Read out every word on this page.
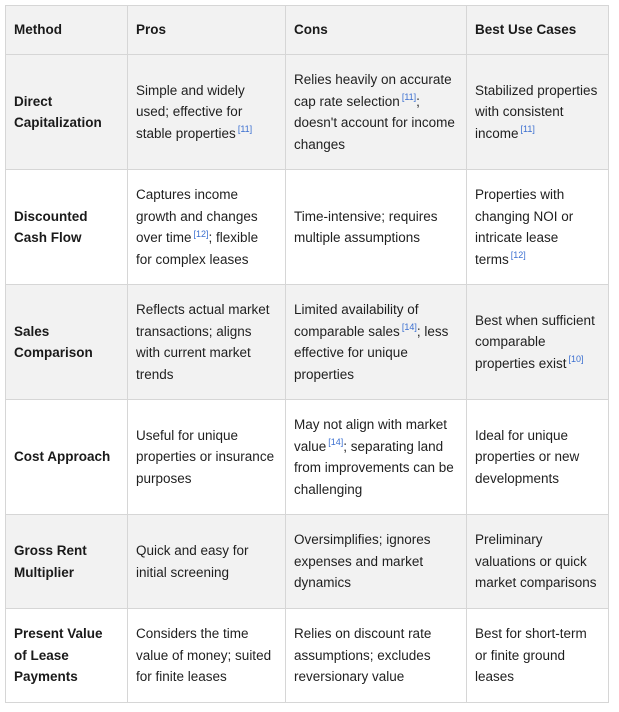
Method	Pros	Cons	Best Use Cases
Direct Capitalization	Simple and widely used; effective for stable properties [11]	Relies heavily on accurate cap rate selection [11]; doesn't account for income changes	Stabilized properties with consistent income [11]
Discounted Cash Flow	Captures income growth and changes over time [12]; flexible for complex leases	Time-intensive; requires multiple assumptions	Properties with changing NOI or intricate lease terms [12]
Sales Comparison	Reflects actual market transactions; aligns with current market trends	Limited availability of comparable sales [14]; less effective for unique properties	Best when sufficient comparable properties exist [10]
Cost Approach	Useful for unique properties or insurance purposes	May not align with market value [14]; separating land from improvements can be challenging	Ideal for unique properties or new developments
Gross Rent Multiplier	Quick and easy for initial screening	Oversimplifies; ignores expenses and market dynamics	Preliminary valuations or quick market comparisons
Present Value of Lease Payments	Considers the time value of money; suited for finite leases	Relies on discount rate assumptions; excludes reversionary value	Best for short-term or finite ground leases
